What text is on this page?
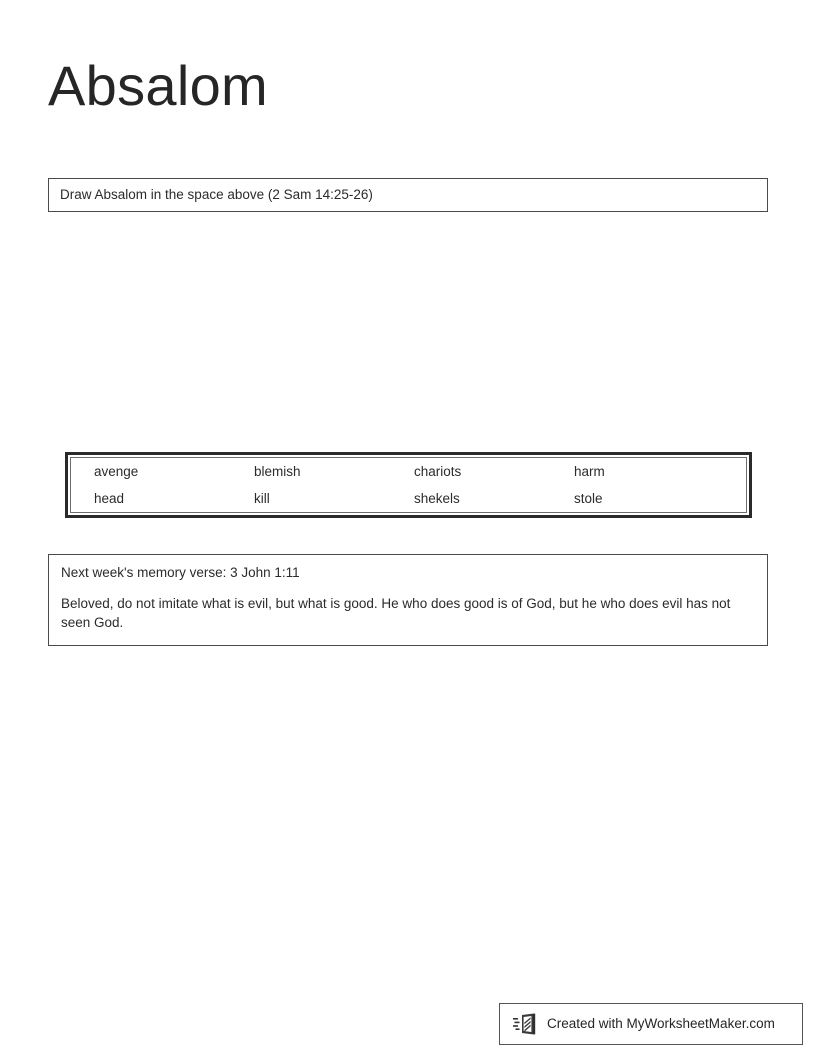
Absalom
Draw Absalom in the space above (2 Sam 14:25-26)
avenge	blemish	chariots	harm
head	kill	shekels	stole

Next week's memory verse: 3 John 1:11

Beloved, do not imitate what is evil, but what is good. He who does good is of God, but he who does evil has not seen God.

Created with MyWorksheetMaker.com
